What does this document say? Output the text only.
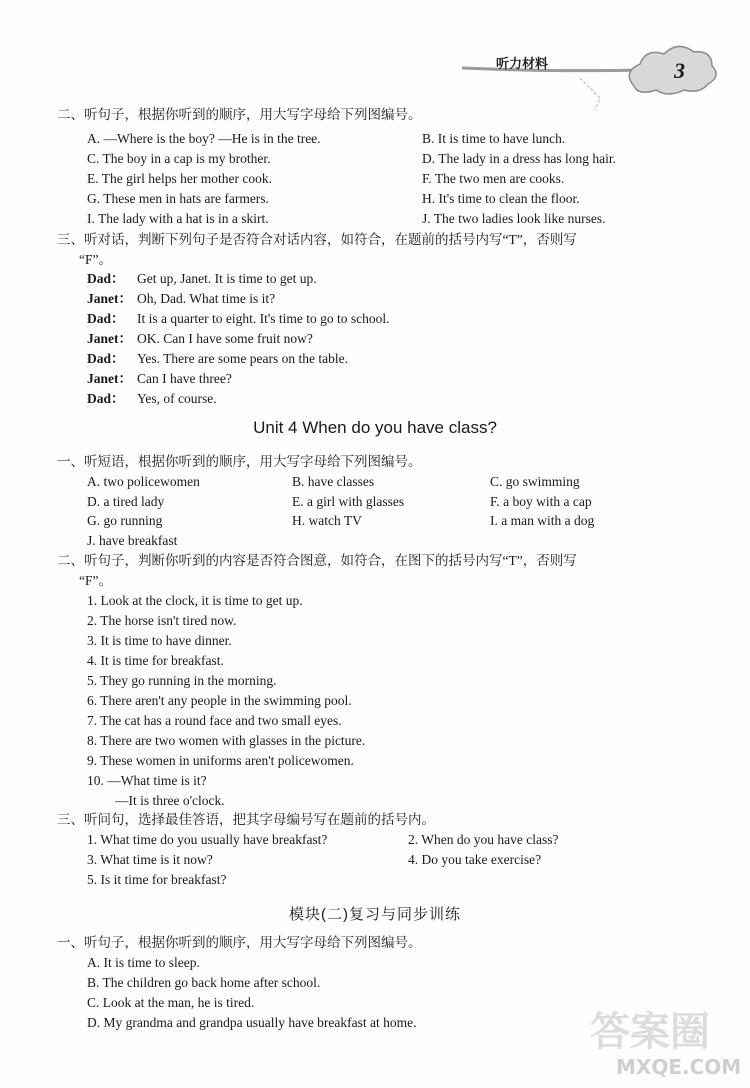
听力材料	3
二、听句子，根据你听到的顺序，用大写字母给下列图编号。
A. —Where is the boy? —He is in the tree.	B. It is time to have lunch.
C. The boy in a cap is my brother.	D. The lady in a dress has long hair.
E. The girl helps her mother cook.	F. The two men are cooks.
G. These men in hats are farmers.	H. It's time to clean the floor.
I. The lady with a hat is in a skirt.	J. The two ladies look like nurses.
三、听对话，判断下列句子是否符合对话内容，如符合，在题前的括号内写“T”，否则写
“F”。
Dad： Get up, Janet. It is time to get up.
Janet： Oh, Dad. What time is it?
Dad： It is a quarter to eight. It's time to go to school.
Janet： OK. Can I have some fruit now?
Dad： Yes. There are some pears on the table.
Janet： Can I have three?
Dad： Yes, of course.
Unit 4 When do you have class?
一、听短语，根据你听到的顺序，用大写字母给下列图编号。
A. two policewomen	B. have classes	C. go swimming
D. a tired lady	E. a girl with glasses	F. a boy with a cap
G. go running	H. watch TV	I. a man with a dog
J. have breakfast
二、听句子，判断你听到的内容是否符合图意，如符合，在图下的括号内写“T”，否则写
“F”。
1. Look at the clock, it is time to get up.
2. The horse isn't tired now.
3. It is time to have dinner.
4. It is time for breakfast.
5. They go running in the morning.
6. There aren't any people in the swimming pool.
7. The cat has a round face and two small eyes.
8. There are two women with glasses in the picture.
9. These women in uniforms aren't policewomen.
10. —What time is it?
—It is three o'clock.
三、听问句，选择最佳答语，把其字母编号写在题前的括号内。
1. What time do you usually have breakfast?	2. When do you have class?
3. What time is it now?	4. Do you take exercise?
5. Is it time for breakfast?
模块(二)复习与同步训练
一、听句子，根据你听到的顺序，用大写字母给下列图编号。
A. It is time to sleep.
B. The children go back home after school.
C. Look at the man, he is tired.
D. My grandma and grandpa usually have breakfast at home.	答案圈
MXQE.COM
